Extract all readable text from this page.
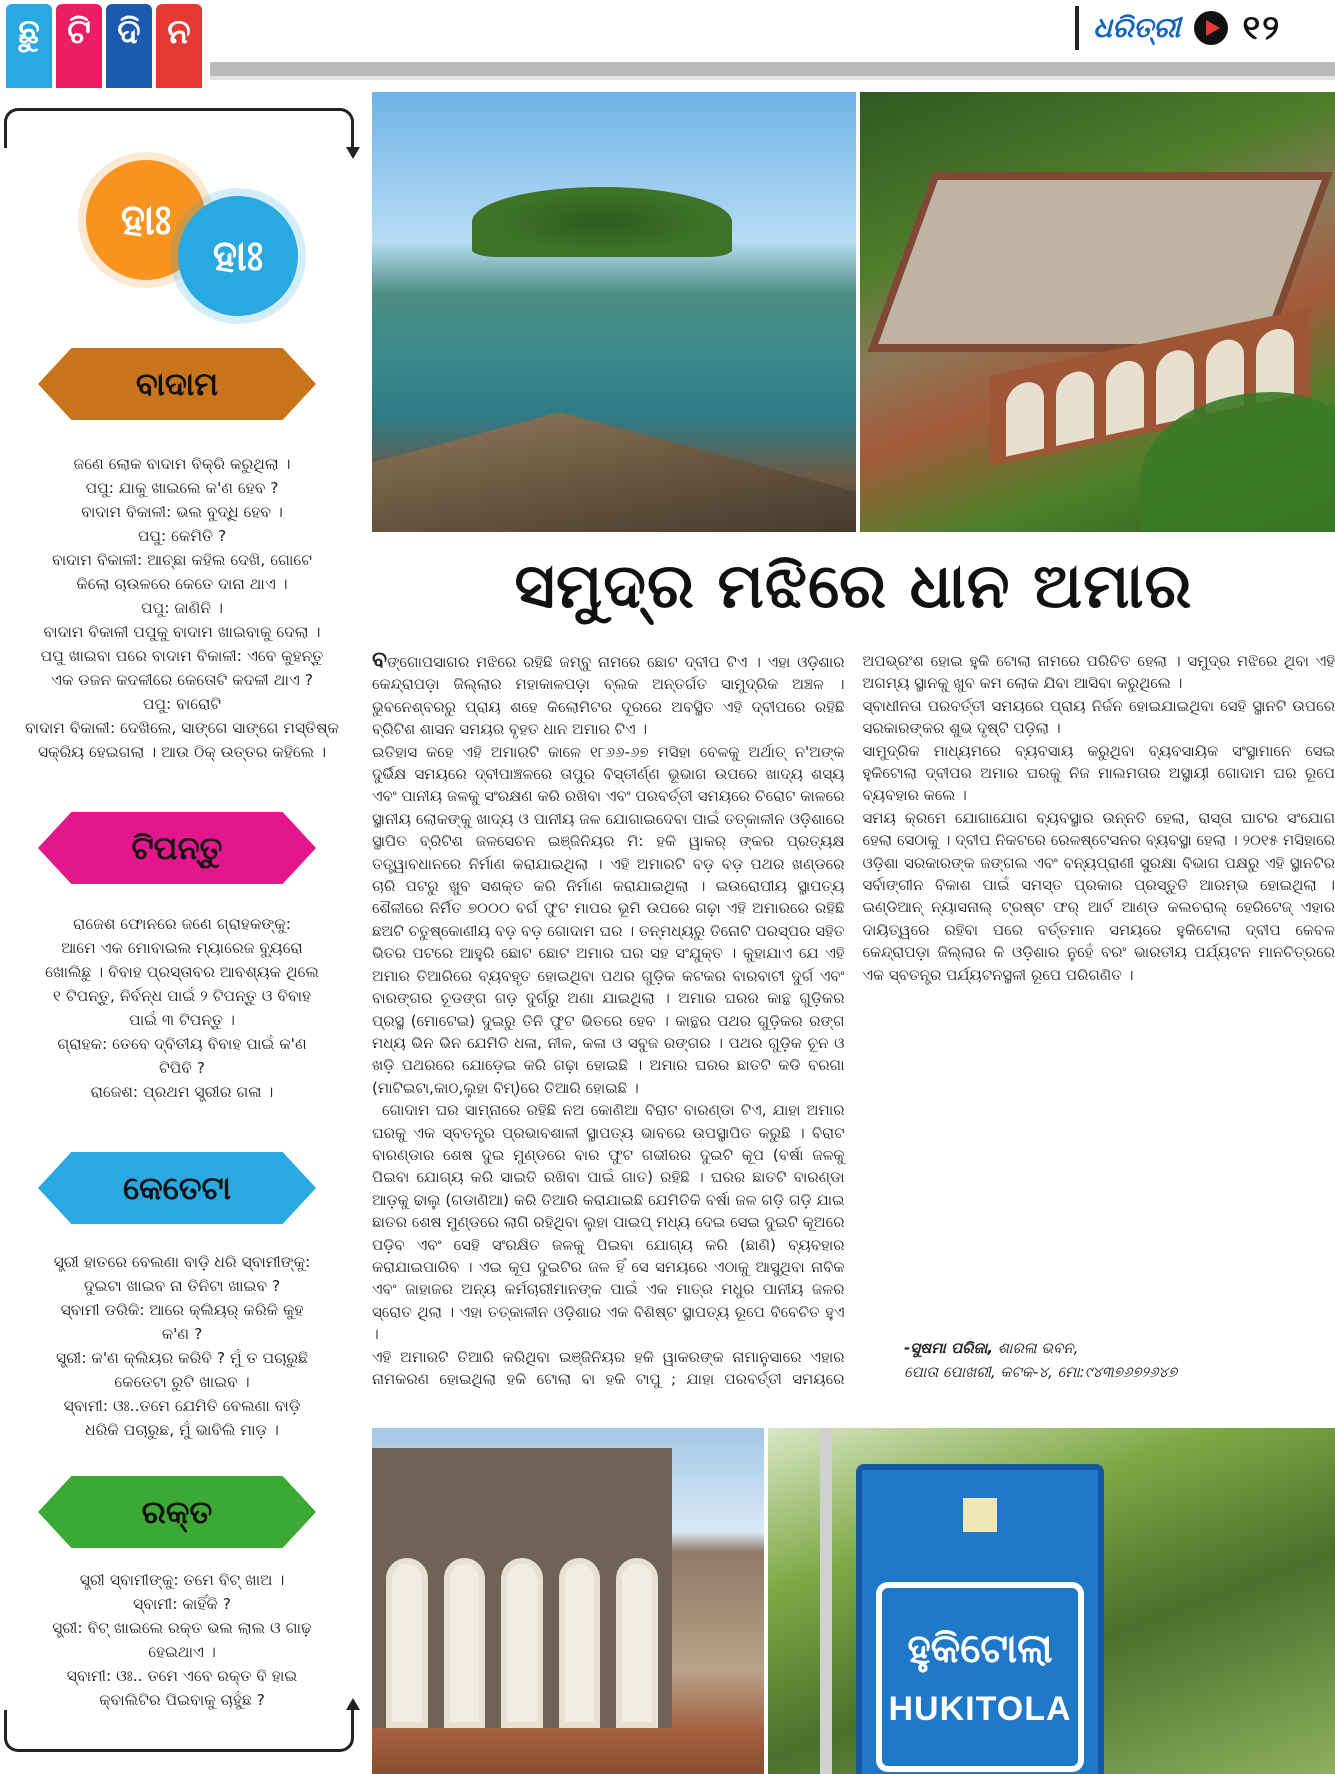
ଛୁ ଟି ଦି ନ	ଧରିତ୍ରୀ ୧୨
ହାଃ
ହାଃ
ବାଦାମ

ଜଣେ ଲୋକ ବାଦାମ ବିକ୍ରି କରୁଥିଲା ।

ପପୁ: ଯାକୁ ଖାଇଲେ କ'ଣ ହେବ ?

ବାଦାମ ବିକାଳୀ: ଭଲ ବୁଦ୍ଧି ହେବ ।

ପପୁ: କେମିତି ?

ବାଦାମ ବିକାଳୀ: ଆଚ୍ଛା କହିଲ ଦେଖି, ଗୋଟେ

କିଲୋ ଚାଉଳରେ କେତେ ଦାନା ଥାଏ ।

ପପୁ: ଜାଣିନି ।

ବାଦାମ ବିକାଳୀ ପପୁକୁ ବାଦାମ ଖାଇବାକୁ ଦେଲା ।

ପପୁ ଖାଇବା ପରେ ବାଦାମ ବିକାଳୀ: ଏବେ କୁହନ୍ତୁ

ଏକ ଡଜନ କଦଳୀରେ କେତୋଟି କଦଳୀ ଥାଏ ?

ପପୁ: ବାରୋଟି

ବାଦାମ ବିକାଳୀ: ଦେଖିଲେ, ସାଙ୍ଗେ ସାଙ୍ଗେ ମସ୍ତିଷ୍କ

ସକ୍ରିୟ ହେଇଗଲା । ଆଉ ଠିକ୍ ଉତ୍ତର କହିଲେ ।

ଟିପନ୍ତୁ

ରାଜେଶ ଫୋନରେ ଜଣେ ଗ୍ରାହକଙ୍କୁ:

ଆମେ ଏକ ମୋବାଇଲ ମ୍ୟାରେଜ ବ୍ୟୁରୋ

ଖୋଲିଛୁ । ବିବାହ ପ୍ରସ୍ତାବର ଆବଶ୍ୟକ ଥିଲେ

୧ ଟିପନ୍ତୁ, ନିର୍ବନ୍ଧ ପାଇଁ ୨ ଟିପନ୍ତୁ ଓ ବିବାହ

ପାଇଁ ୩ ଟିପନ୍ତୁ ।

ଗ୍ରାହକ: ତେବେ ଦ୍ବିତୀୟ ବିବାହ ପାଇଁ କ'ଣ

ଟିପିବି ?

ରାଜେଶ: ପ୍ରଥମ ସ୍ତ୍ରୀର ଗଳା ।

କେତେଟା

ସ୍ତ୍ରୀ ହାତରେ ବେଲଣା ବାଡ଼ି ଧରି ସ୍ବାମୀଙ୍କୁ:

ଦୁଇଟା ଖାଇବ ନା ତିନିଟା ଖାଇବ ?

ସ୍ବାମୀ ଡରିକି: ଆରେ କ୍ଲିୟର୍ କରିକି କୁହ

କ'ଣ ?

ସ୍ତ୍ରୀ: କ'ଣ କ୍ଲିୟର କରିବି ? ମୁଁ ତ ପଚାରୁଛି

କେତେଟା ରୁଟି ଖାଇବ ।

ସ୍ବାମୀ: ଓଃ..ତମେ ଯେମିତି ବେଲଣା ବାଡ଼ି

ଧରିକି ପଚାରୁଛ, ମୁଁ ଭାବିଲି ମାଡ଼ ।

ରକ୍ତ

ସ୍ତ୍ରୀ ସ୍ବାମୀଙ୍କୁ: ତମେ ବିଟ୍ ଖାଅ ।

ସ୍ବାମୀ: କାହିଁକି ?

ସ୍ତ୍ରୀ: ବିଟ୍ ଖାଇଲେ ରକ୍ତ ଭଲ ଲାଲ ଓ ଗାଢ଼

ହେଇଥାଏ ।

ସ୍ବାମୀ: ଓଃ.. ତମେ ଏବେ ରକ୍ତ ବି ହାଇ

କ୍ବାଲିଟିର ପିଇବାକୁ ଚାହୁଁଛ ?

ସମୁଦ୍ର ମଝିରେ ଧାନ ଅମାର

ବଙ୍ଗୋପସାଗର ମଝିରେ ରହିଛି ଜମ୍ବୁ ନାମରେ ଛୋଟ ଦ୍ବୀପ ଟିଏ । ଏହା ଓଡ଼ିଶାର କେନ୍ଦ୍ରାପଡ଼ା ଜିଲ୍ଲାର ମହାକାଳପଡ଼ା ବ୍ଲକ ଅନ୍ତର୍ଗତ ସାମୁଦ୍ରିକ ଅଞ୍ଚଳ । ଭୁବନେଶ୍ବରରୁ ପ୍ରାୟ ଶହେ କିଲୋମିଟର ଦୂରରେ ଅବସ୍ଥିତ ଏହି ଦ୍ବୀପରେ ରହିଛି ବ୍ରିଟିଶ ଶାସନ ସମୟର ବୃହତ ଧାନ ଅମାର ଟିଏ ।

ଇତିହାସ କହେ ଏହି ଅମାରଟି କାଳେ ୧୮୬୬-୬୭ ମସିହା ବେଳକୁ ଅର୍ଥାତ୍ ନ'ଅଙ୍କ ଦୁର୍ଭିକ୍ଷ ସମୟରେ ଦ୍ବୀପାଞ୍ଚଳରେ ତାପୁର ବିସ୍ତୀର୍ଣ୍ଣ ଭୂଭାଗ ଉପରେ ଖାଦ୍ୟ ଶସ୍ୟ ଏବଂ ପାନୀୟ ଜଳକୁ ସଂରକ୍ଷଣ କରି ରଖିବା ଏବଂ ପରବର୍ତ୍ତୀ ସମୟରେ ଚିରୋଟ କାଳରେ ସ୍ଥାନୀୟ ଲୋକଙ୍କୁ ଖାଦ୍ୟ ଓ ପାନୀୟ ଜଳ ଯୋଗାଇଦେବା ପାଇଁ ତତ୍କାଳୀନ ଓଡ଼ିଶାରେ ସ୍ଥାପିତ ବ୍ରିଟିଶ ଜଳସେଚନ ଇଞ୍ଜିନିୟର ମି: ହକି ୱାକର୍ ଙ୍କର ପ୍ରତ୍ୟକ୍ଷ ତତ୍ତ୍ୱାବଧାନରେ ନିର୍ମାଣ କରାଯାଇଥିଲା । ଏହି ଅମାରଟି ବଡ଼ ବଡ଼ ପଥର ଖଣ୍ଡରେ ଚାରି ପଟରୁ ଖୁବ ସଶକ୍ତ କରି ନିର୍ମାଣ କରାଯାଇଥିଲା । ଇଉରୋପୀୟ ସ୍ଥାପତ୍ୟ ଶୈଳୀରେ ନିର୍ମିତ ୭୦୦୦ ବର୍ଗ ଫୁଟ ମାପର ଭୂମି ଉପରେ ଗଢ଼ା ଏହି ଅମାରରେ ରହିଛି ଛଅଟି ଚତୁଷ୍କୋଣୀୟ ବଡ଼ ବଡ଼ ଗୋଦାମ ଘର । ତନ୍ମଧ୍ୟରୁ ତିନୋଟି ପରସ୍ପର ସହିତ ଭିତର ପଟରେ ଆହୁରି ଛୋଟ ଛୋଟ ଅମାର ଘର ସହ ସଂଯୁକ୍ତ । କୁହାଯାଏ ଯେ ଏହି ଅମାର ତିଆରିରେ ବ୍ୟବହୃତ ହୋଇଥିବା ପଥର ଗୁଡ଼ିକ କଟକର ବାରବାଟୀ ଦୁର୍ଗ ଏବଂ ବାରଙ୍ଗର ଚୂଡଙ୍ଗ ଗଡ଼ ଦୁର୍ଗରୁ ଅଣା ଯାଇଥିଲା । ଅମାର ଘରର କାନ୍ଥ ଗୁଡ଼ିକର ପ୍ରସ୍ଥ (ମୋଟେଇ) ଦୁଇରୁ ତିନି ଫୁଟ ଭିତରେ ହେବ । କାନ୍ଥର ପଥର ଗୁଡ଼ିକର ରଙ୍ଗ ମଧ୍ୟ ଭିନ ଭିନ ଯେମିତି ଧଳା, ନୀଳ, କଳା ଓ ସବୁଜ ରଙ୍ଗର । ପଥର ଗୁଡ଼ିକ ଚୂନ ଓ ଖଡ଼ି ପଥରରେ ଯୋଡ଼େଇ କରି ଗଢ଼ା ହୋଇଛି । ଅମାର ଘରର ଛାତଟି କଡି ବରଗା (ମାଟିଇଟା,କାଠ,ଲୁହା ବିମ୍)ରେ ତିଆରି ହୋଇଛି ।

ଗୋଦାମ ଘର ସାମ୍ନାରେ ରହିଛି ନଅ କୋଣିଆ ବିରାଟ ବାରଣ୍ଡା ଟିଏ, ଯାହା ଅମାର ଘରକୁ ଏକ ସ୍ବତନ୍ତ୍ର ପ୍ରଭାବଶାଳୀ ସ୍ଥାପତ୍ୟ ଭାବରେ ଉପସ୍ଥାପିତ କରୁଛି । ବିରାଟ ବାରଣ୍ଡାର ଶେଷ ଦୁଇ ମୁଣ୍ଡରେ ବାର ଫୁଟ ଗଭୀରର ଦୁଇଟି କୂପ (ବର୍ଷା ଜଳକୁ ପିଇବା ଯୋଗ୍ୟ କରି ସାଇତି ରଖିବା ପାଇଁ ଗାତ) ରହିଛି । ଘରର ଛାତଟି ବାରଣ୍ଡା ଆଡ଼କୁ ଢାଲୁ (ଗଡାଣିଆ) କରି ତିଆରି କରାଯାଇଛି ଯେମିତିକି ବର୍ଷା ଜଳ ଗଡ଼ି ଗଡ଼ି ଯାଇ ଛାତର ଶେଷ ମୁଣ୍ଡରେ ଲାଗି ରହିଥିବା ଲୁହା ପାଇପ୍ ମଧ୍ୟ ଦେଇ ସେଇ ଦୁଇଟି କୂଅରେ ପଡ଼ିବ ଏବଂ ସେହି ସଂରକ୍ଷିତ ଜଳକୁ ପିଇବା ଯୋଗ୍ୟ କରି (ଛାଣି) ବ୍ୟବହାର କରାଯାଇପାରିବ । ଏଇ କୂପ ଦୁଇଟିର ଜଳ ହିଁ ସେ ସମୟରେ ଏଠାକୁ ଆସୁଥିବା ନାବିକ ଏବଂ ଜାହାଜର ଅନ୍ୟ କର୍ମଚାରୀମାନଙ୍କ ପାଇଁ ଏକ ମାତ୍ର ମଧୁର ପାନୀୟ ଜଳର ସ୍ରୋତ ଥିଲା । ଏହା ତତ୍କାଳୀନ ଓଡ଼ିଶାର ଏକ ବିଶିଷ୍ଟ ସ୍ଥାପତ୍ୟ ରୂପେ ବିବେଚିତ ହୁଏ ।

ଏହି ଅମାରଟି ତିଆରି କରିଥିବା ଇଞ୍ଜିନିୟର ହକି ୱାକରଙ୍କ ନାମାନୁସାରେ ଏହାର ନାମକରଣ ହୋଇଥିଲା ହକି ଟୋଲା ବା ହକି ଟାପୁ ; ଯାହା ପରବର୍ତ୍ତୀ ସମୟରେ ଅପଭ୍ରଂଶ ହୋଇ ହୁକି ଟୋଲା ନାମରେ ପରିଚିତ ହେଲା । ସମୁଦ୍ର ମଝିରେ ଥିବା ଏହି ଅଗମ୍ୟ ସ୍ଥାନକୁ ଖୁବ କମ ଲୋକ ଯିବା ଆସିବା କରୁଥିଲେ ।

ସ୍ବାଧୀନତା ପରବର୍ତ୍ତୀ ସମୟରେ ପ୍ରାୟ ନିର୍ଜନ ହୋଇଯାଇଥିବା ସେହି ସ୍ଥାନଟି ଉପରେ ସରକାରଙ୍କର ଶୁଭ ଦୃଷ୍ଟି ପଡ଼ିଲା ।

ସାମୁଦ୍ରିକ ମାଧ୍ୟମରେ ବ୍ୟବସାୟ କରୁଥିବା ବ୍ୟବସାୟିକ ସଂସ୍ଥାମାନେ ସେଇ ହୁକିଟୋଲା ଦ୍ବୀପର ଅମାର ଘରକୁ ନିଜ ମାଲମତାର ଅସ୍ଥାୟୀ ଗୋଦାମ ଘର ରୂପେ ବ୍ୟବହାର କଲେ ।

ସମୟ କ୍ରମେ ଯୋଗାଯୋଗ ବ୍ୟବସ୍ଥାର ଉନ୍ନତି ହେଲା, ରାସ୍ତା ଘାଟର ସଂଯୋଗ ହେଲା ସେଠାକୁ । ଦ୍ବୀପ ନିକଟରେ ରେଳଷ୍ଟେସନର ବ୍ୟବସ୍ଥା ହେଲା । ୨୦୧୫ ମସିହାରେ ଓଡ଼ିଶା ସରକାରଙ୍କ ଜଙ୍ଗଲ ଏବଂ ବନ୍ୟପ୍ରାଣୀ ସୁରକ୍ଷା ବିଭାଗ ପକ୍ଷରୁ ଏହି ସ୍ଥାନଟିର ସର୍ବାଙ୍ଗୀନ ବିକାଶ ପାଇଁ ସମସ୍ତ ପ୍ରକାର ପ୍ରସ୍ତୁତି ଆରମ୍ଭ ହୋଇଥିଲା । ଇଣ୍ଡିଆନ୍ ନ୍ୟାସନାଲ୍ ଟ୍ରଷ୍ଟ ଫର୍ ଆର୍ଟ ଆଣ୍ଡ କଲଚରାଲ୍ ହେରିଟେଜ୍ ଏହାର ଦାୟିତ୍ୱରେ ରହିବା ପରେ ବର୍ତ୍ତମାନ ସମୟରେ ହୁକିଟୋଲା ଦ୍ବୀପ କେବଳ କେନ୍ଦ୍ରାପଡ଼ା ଜିଲ୍ଲାର କି ଓଡ଼ିଶାର ନୁହେଁ ବରଂ ଭାରତୀୟ ପର୍ଯ୍ୟଟନ ମାନଚିତ୍ରରେ ଏକ ସ୍ବତନ୍ତ୍ର ପର୍ଯ୍ୟଟନସ୍ଥଳୀ ରୂପେ ପରିଗଣିତ ।

-ସୁଷମା ପରିଜା, ଶାରଳା ଭବନ,
ପୋତା ପୋଖରୀ, କଟକ-୪, ମୋ:୯୪୩୭୬୭୨୬୪୭
ହୁକିଟୋଲା
HUKITOLA
